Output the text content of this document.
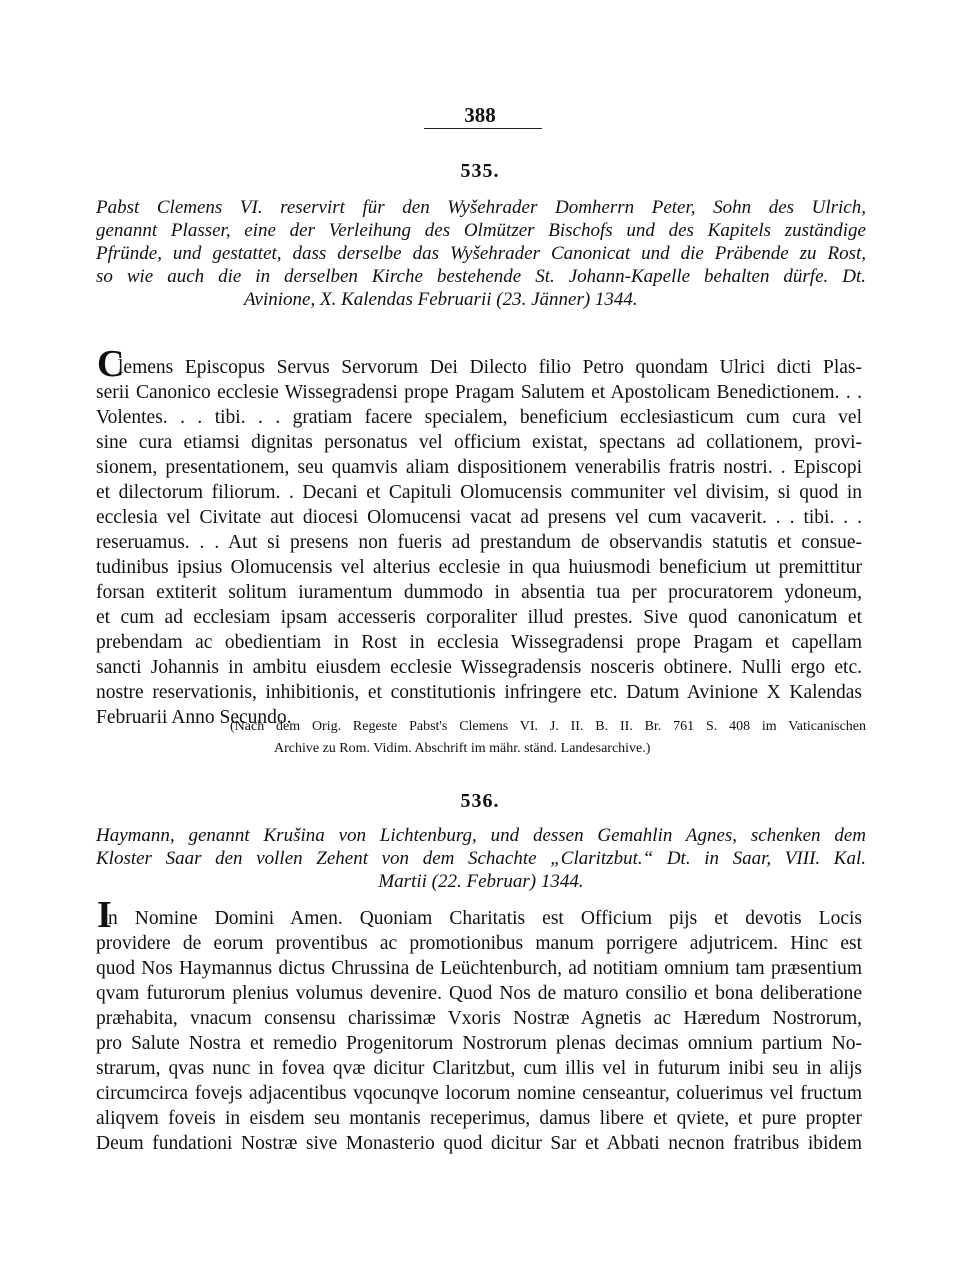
388
535.
Pabst Clemens VI. reservirt für den Wyšehrader Domherrn Peter, Sohn des Ulrich,
genannt Plasser, eine der Verleihung des Olmützer Bischofs und des Kapitels zuständige
Pfründe, und gestattet, dass derselbe das Wyšehrader Canonicat und die Präbende zu Rost,
so wie auch die in derselben Kirche bestehende St. Johann-Kapelle behalten dürfe. Dt.
Avinione, X. Kalendas Februarii (23. Jänner) 1344.
C
lemens Episcopus Servus Servorum Dei Dilecto filio Petro quondam Ulrici dicti Plas-
serii Canonico ecclesie Wissegradensi prope Pragam Salutem et Apostolicam Benedictionem. . .
Volentes. . . tibi. . . gratiam facere specialem, beneficium ecclesiasticum cum cura vel
sine cura etiamsi dignitas personatus vel officium existat, spectans ad collationem, provi-
sionem, presentationem, seu quamvis aliam dispositionem venerabilis fratris nostri. . Episcopi
et dilectorum filiorum. . Decani et Capituli Olomucensis communiter vel divisim, si quod in
ecclesia vel Civitate aut diocesi Olomucensi vacat ad presens vel cum vacaverit. . . tibi. . .
reseruamus. . . Aut si presens non fueris ad prestandum de observandis statutis et consue-
tudinibus ipsius Olomucensis vel alterius ecclesie in qua huiusmodi beneficium ut premittitur
forsan extiterit solitum iuramentum dummodo in absentia tua per procuratorem ydoneum,
et cum ad ecclesiam ipsam accesseris corporaliter illud prestes. Sive quod canonicatum et
prebendam ac obedientiam in Rost in ecclesia Wissegradensi prope Pragam et capellam
sancti Johannis in ambitu eiusdem ecclesie Wissegradensis nosceris obtinere. Nulli ergo etc.
nostre reservationis, inhibitionis, et constitutionis infringere etc. Datum Avinione X Kalendas
Februarii Anno Secundo.
(Nach dem Orig. Regeste Pabst's Clemens VI. J. II. B. II. Br. 761 S. 408 im Vaticanischen
Archive zu Rom. Vidim. Abschrift im mähr. ständ. Landesarchive.)
536.
Haymann, genannt Krušina von Lichtenburg, und dessen Gemahlin Agnes, schenken dem
Kloster Saar den vollen Zehent von dem Schachte „Claritzbut.“ Dt. in Saar, VIII. Kal.
Martii (22. Februar) 1344.
I
n Nomine Domini Amen. Quoniam Charitatis est Officium pijs et devotis Locis
providere de eorum proventibus ac promotionibus manum porrigere adjutricem. Hinc est
quod Nos Haymannus dictus Chrussina de Leüchtenburch, ad notitiam omnium tam præsentium
qvam futurorum plenius volumus devenire. Quod Nos de maturo consilio et bona deliberatione
præhabita, vnacum consensu charissimæ Vxoris Nostræ Agnetis ac Hæredum Nostrorum,
pro Salute Nostra et remedio Progenitorum Nostrorum plenas decimas omnium partium No-
strarum, qvas nunc in fovea qvæ dicitur Claritzbut, cum illis vel in futurum inibi seu in alijs
circumcirca fovejs adjacentibus vqocunqve locorum nomine censeantur, coluerimus vel fructum
aliqvem foveis in eisdem seu montanis receperimus, damus libere et qviete, et pure propter
Deum fundationi Nostræ sive Monasterio quod dicitur Sar et Abbati necnon fratribus ibidem
